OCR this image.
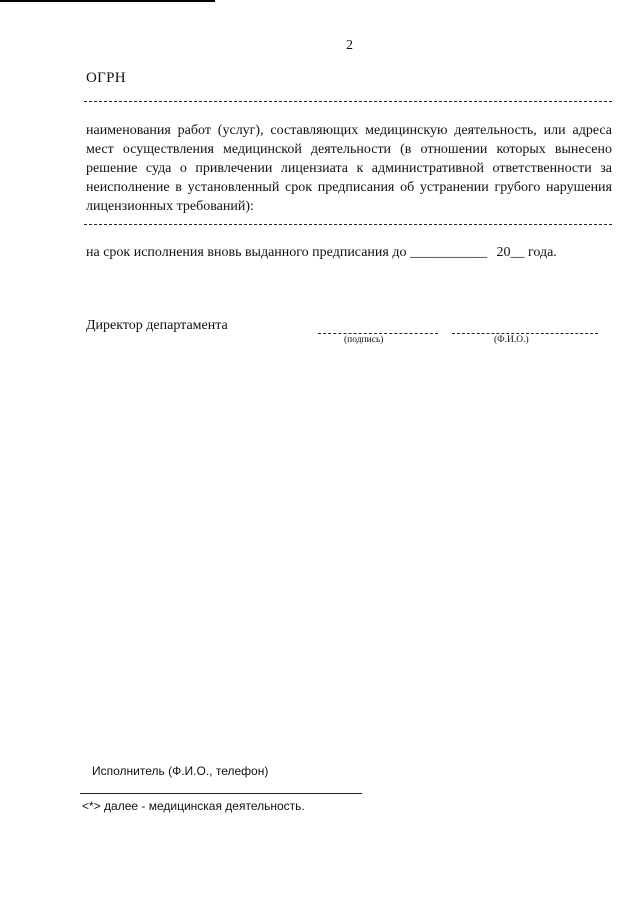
2
ОГРН
наименования работ (услуг), составляющих медицинскую деятельность, или адреса мест осуществления медицинской деятельности (в отношении которых вынесено решение суда о привлечении лицензиата к административной ответственности за неисполнение в установленный срок предписания об устранении грубого нарушения лицензионных требований):
на срок исполнения вновь выданного предписания до ___________ 20__ года.
Директор департамента
(подпись)	(Ф.И.О.)
Исполнитель (Ф.И.О., телефон)
<*> далее - медицинская деятельность.
